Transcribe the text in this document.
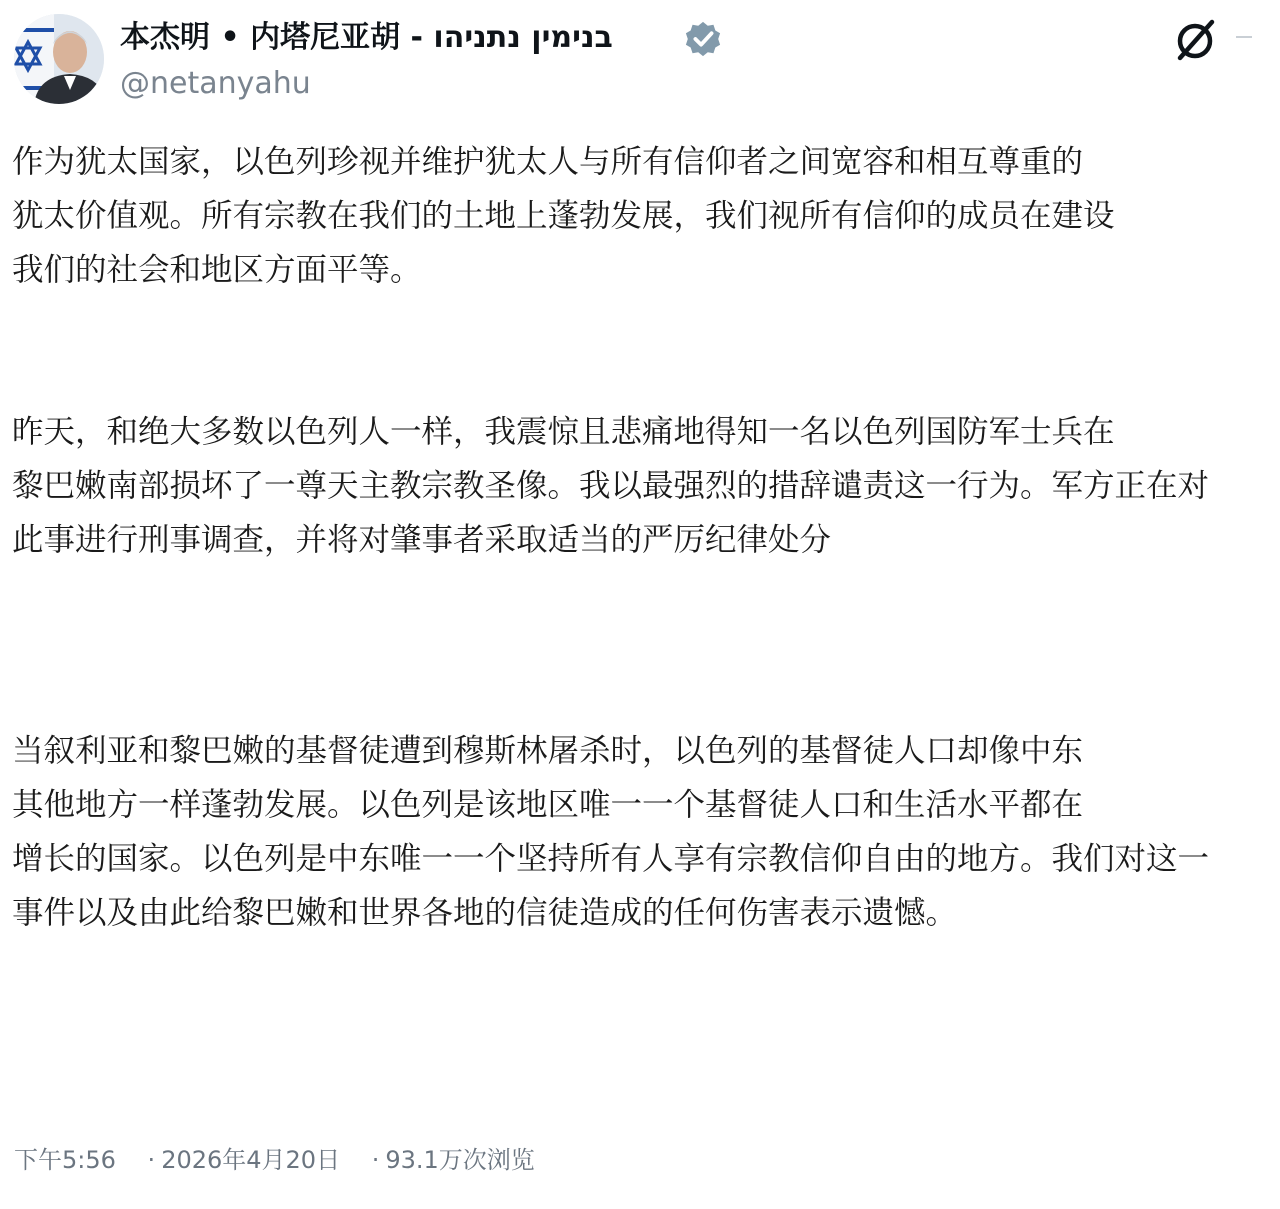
本杰明 • 内塔尼亚胡 - בנימין נתניהו
@netanyahu
作为犹太国家，以色列珍视并维护犹太人与所有信仰者之间宽容和相互尊重的
犹太价值观。所有宗教在我们的土地上蓬勃发展，我们视所有信仰的成员在建设
我们的社会和地区方面平等。
昨天，和绝大多数以色列人一样，我震惊且悲痛地得知一名以色列国防军士兵在
黎巴嫩南部损坏了一尊天主教宗教圣像。我以最强烈的措辞谴责这一行为。军方正在对
此事进行刑事调查，并将对肇事者采取适当的严厉纪律处分
当叙利亚和黎巴嫩的基督徒遭到穆斯林屠杀时，以色列的基督徒人口却像中东
其他地方一样蓬勃发展。以色列是该地区唯一一个基督徒人口和生活水平都在
增长的国家。以色列是中东唯一一个坚持所有人享有宗教信仰自由的地方。我们对这一
事件以及由此给黎巴嫩和世界各地的信徒造成的任何伤害表示遗憾。
下午5:56 · 2026年4月20日 · 93.1万次浏览
